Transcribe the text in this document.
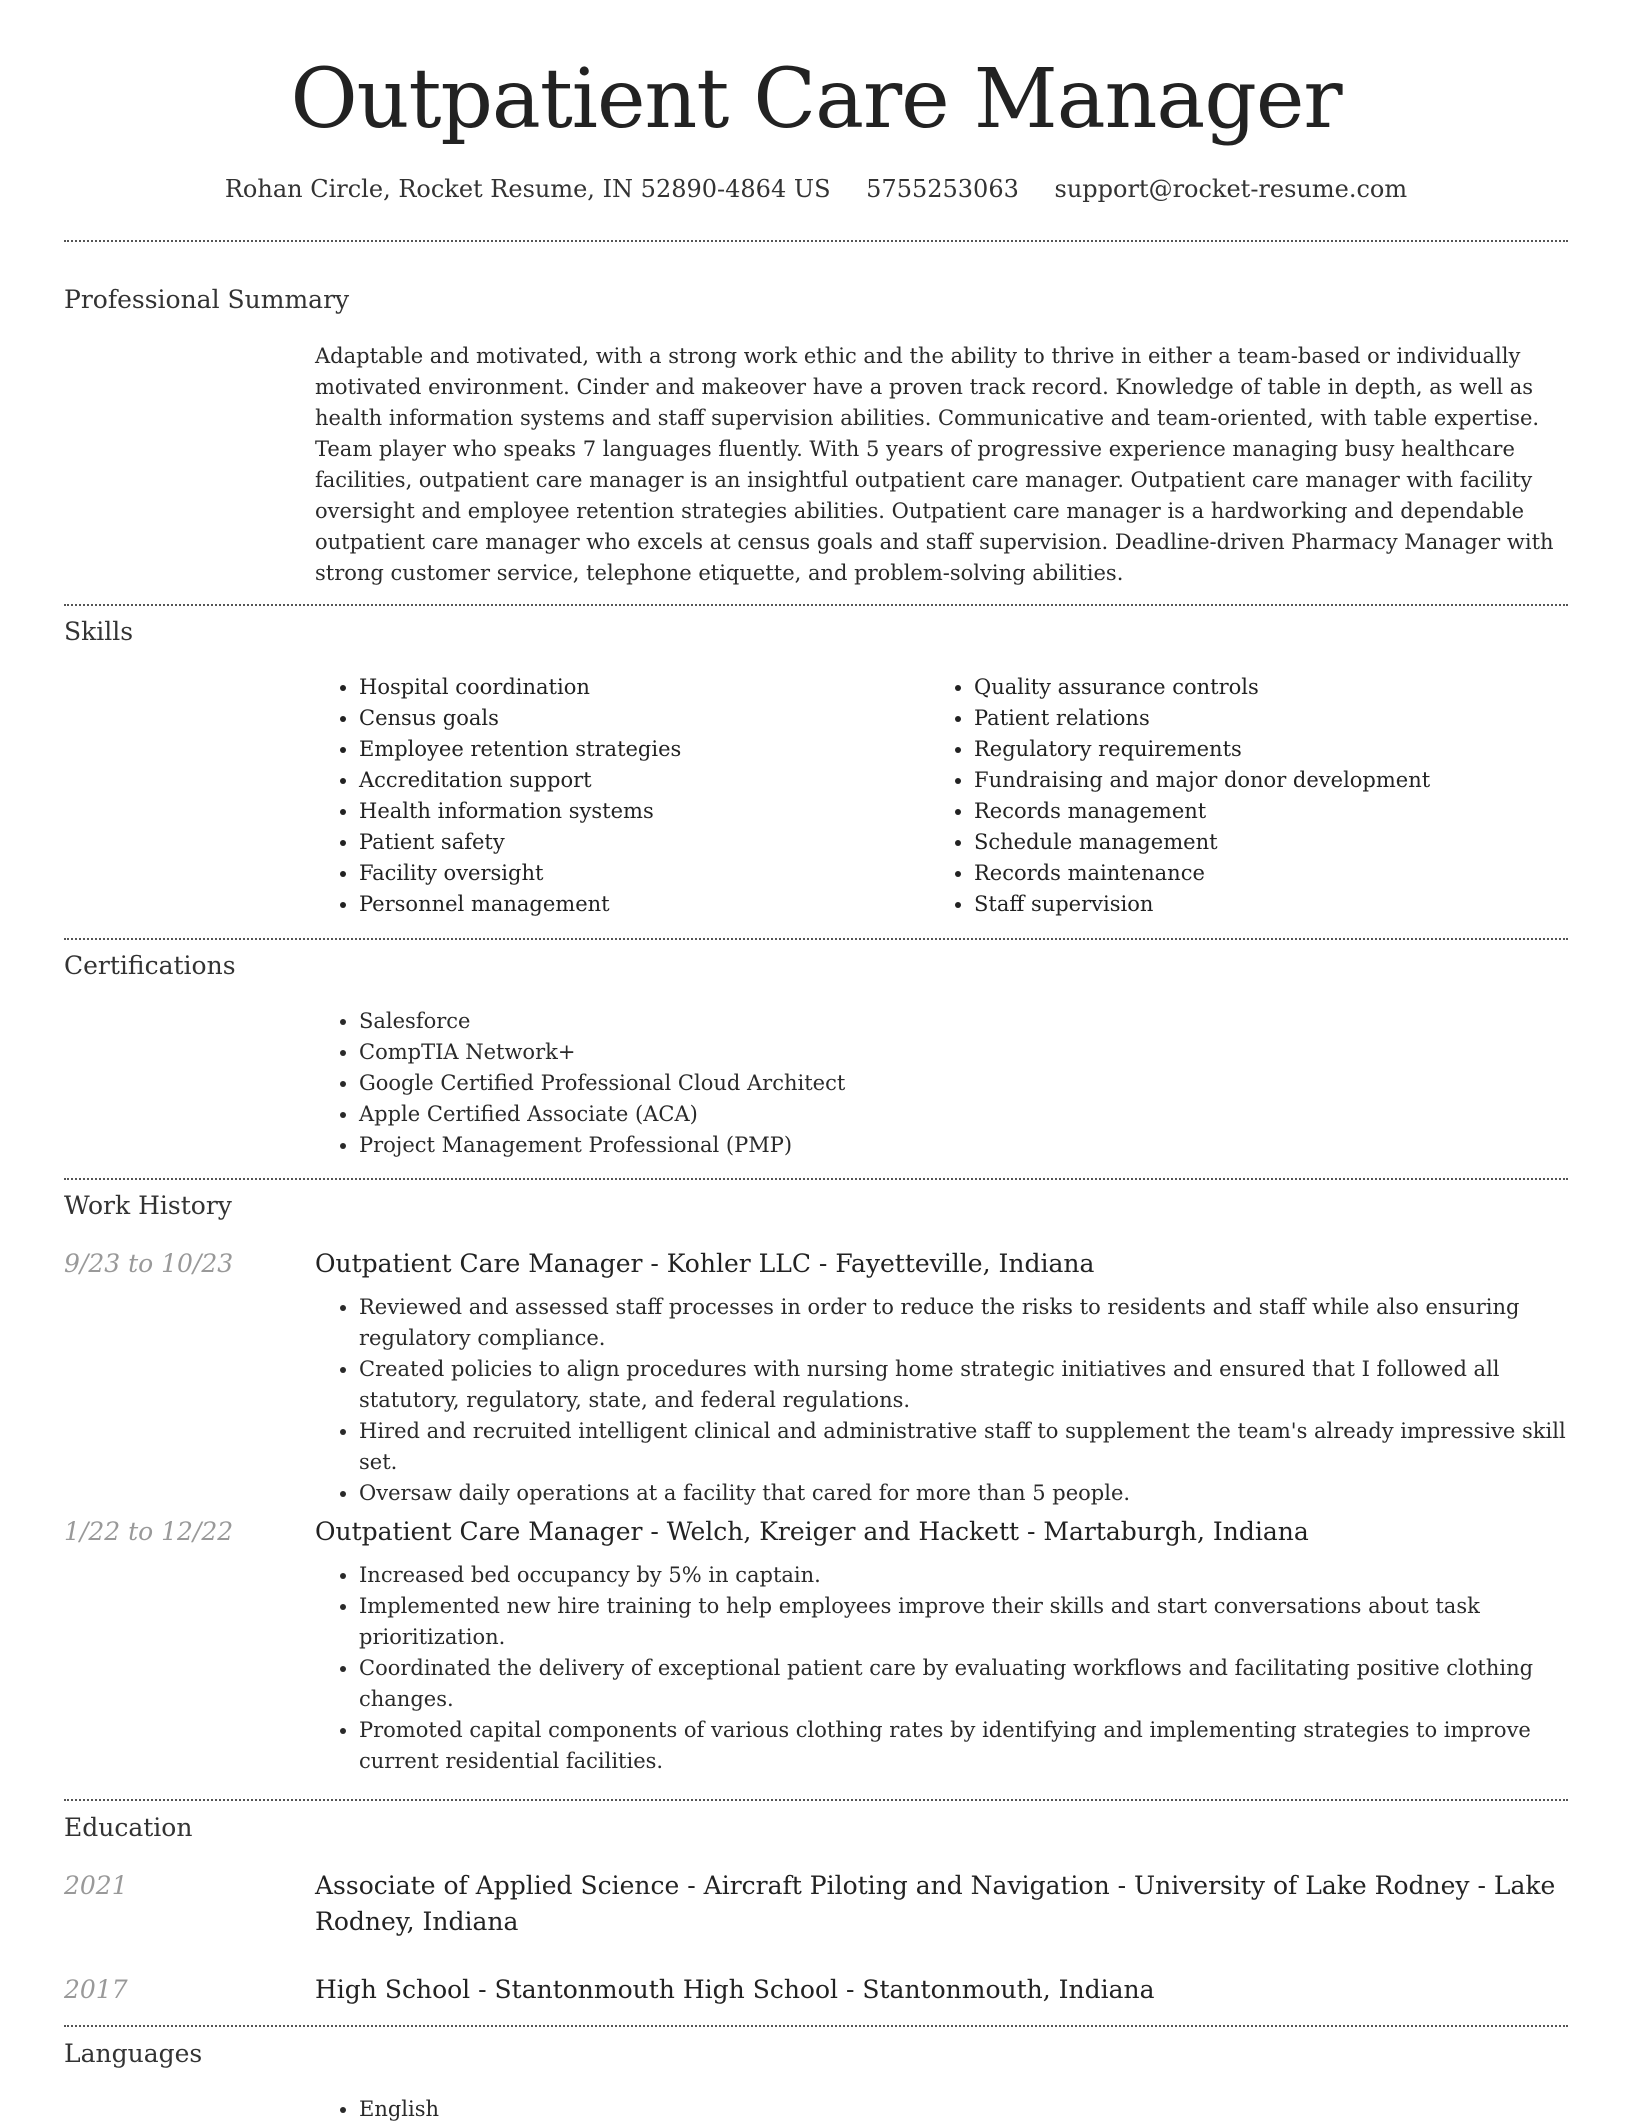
Outpatient Care Manager
Rohan Circle, Rocket Resume, IN 52890-4864 US 5755253063 support@rocket-resume.com
Professional Summary
Adaptable and motivated, with a strong work ethic and the ability to thrive in either a team-based or individually motivated environment. Cinder and makeover have a proven track record. Knowledge of table in depth, as well as health information systems and staff supervision abilities. Communicative and team-oriented, with table expertise. Team player who speaks 7 languages fluently. With 5 years of progressive experience managing busy healthcare facilities, outpatient care manager is an insightful outpatient care manager. Outpatient care manager with facility oversight and employee retention strategies abilities. Outpatient care manager is a hardworking and dependable outpatient care manager who excels at census goals and staff supervision. Deadline-driven Pharmacy Manager with strong customer service, telephone etiquette, and problem-solving abilities.
Skills
• Hospital coordination
• Census goals
• Employee retention strategies
• Accreditation support
• Health information systems
• Patient safety
• Facility oversight
• Personnel management
• Quality assurance controls
• Patient relations
• Regulatory requirements
• Fundraising and major donor development
• Records management
• Schedule management
• Records maintenance
• Staff supervision
Certifications
• Salesforce
• CompTIA Network+
• Google Certified Professional Cloud Architect
• Apple Certified Associate (ACA)
• Project Management Professional (PMP)
Work History
9/23 to 10/23	Outpatient Care Manager - Kohler LLC - Fayetteville, Indiana
• Reviewed and assessed staff processes in order to reduce the risks to residents and staff while also ensuring regulatory compliance.
• Created policies to align procedures with nursing home strategic initiatives and ensured that I followed all statutory, regulatory, state, and federal regulations.
• Hired and recruited intelligent clinical and administrative staff to supplement the team's already impressive skill set.
• Oversaw daily operations at a facility that cared for more than 5 people.
1/22 to 12/22	Outpatient Care Manager - Welch, Kreiger and Hackett - Martaburgh, Indiana
• Increased bed occupancy by 5% in captain.
• Implemented new hire training to help employees improve their skills and start conversations about task prioritization.
• Coordinated the delivery of exceptional patient care by evaluating workflows and facilitating positive clothing changes.
• Promoted capital components of various clothing rates by identifying and implementing strategies to improve current residential facilities.
Education
2021	Associate of Applied Science - Aircraft Piloting and Navigation - University of Lake Rodney - Lake Rodney, Indiana
2017	High School - Stantonmouth High School - Stantonmouth, Indiana
Languages
• English
